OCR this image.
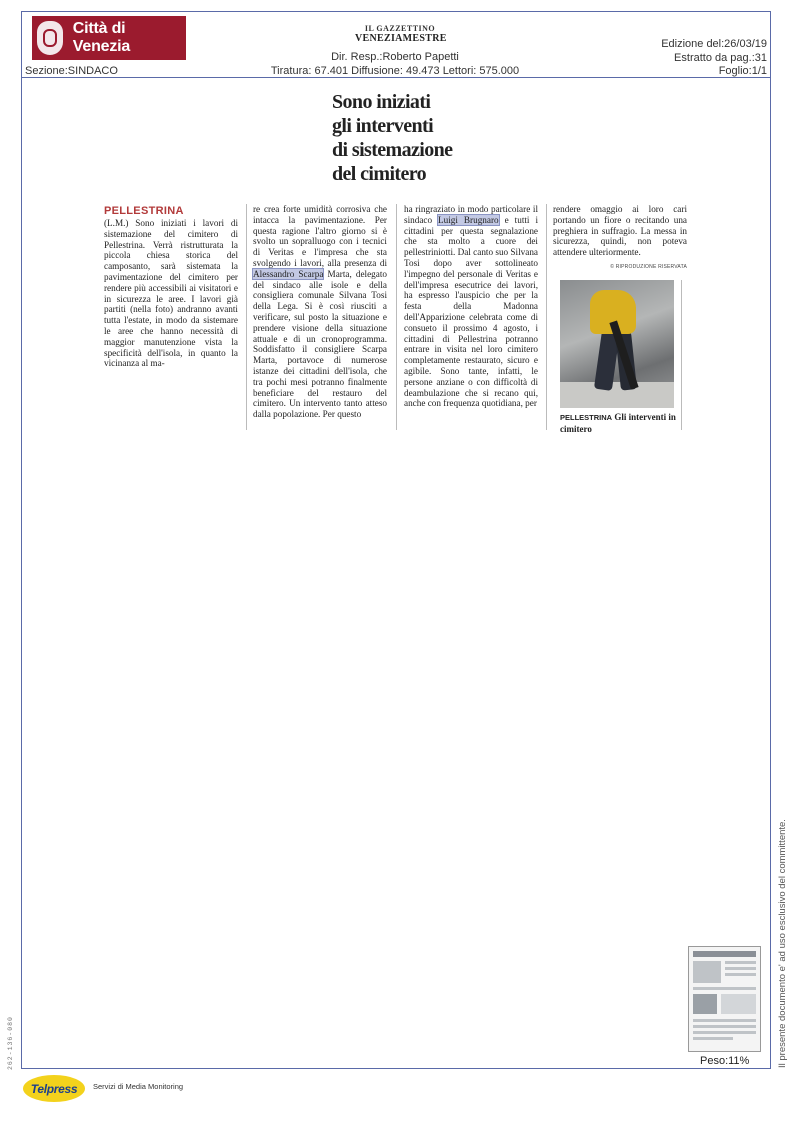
Città di Venezia
IL GAZZETTINO
VENEZIAMESTRE
Dir. Resp.:Roberto Papetti
Tiratura: 67.401 Diffusione: 49.473 Lettori: 575.000
Sezione:SINDACO
Edizione del:26/03/19
Estratto da pag.:31
Foglio:1/1
Sono iniziati
gli interventi
di sistemazione
del cimitero
PELLESTRINA
(L.M.) Sono iniziati i lavori di sistemazione del cimitero di Pellestrina. Verrà ristrutturata la piccola chiesa storica del camposanto, sarà sistemata la pavimentazione del cimitero per rendere più accessibili ai visitatori e in sicurezza le aree. I lavori già partiti (nella foto) andranno avanti tutta l'estate, in modo da sistemare le aree che hanno necessità di maggior manutenzione vista la specificità dell'isola, in quanto la vicinanza al ma-
re crea forte umidità corrosiva che intacca la pavimentazione. Per questa ragione l'altro giorno si è svolto un sopralluogo con i tecnici di Veritas e l'impresa che sta svolgendo i lavori, alla presenza di Alessandro Scarpa Marta, delegato del sindaco alle isole e della consigliera comunale Silvana Tosi della Lega. Si è così riusciti a verificare, sul posto la situazione e prendere visione della situazione attuale e di un cronoprogramma. Soddisfatto il consigliere Scarpa Marta, portavoce di numerose istanze dei cittadini dell'isola, che tra pochi mesi potranno finalmente beneficiare del restauro del cimitero. Un intervento tanto atteso dalla popolazione. Per questo
ha ringraziato in modo particolare il sindaco Luigi Brugnaro e tutti i cittadini per questa segnalazione che sta molto a cuore dei pellestriniotti. Dal canto suo Silvana Tosi dopo aver sottolineato l'impegno del personale di Veritas e dell'impresa esecutrice dei lavori, ha espresso l'auspicio che per la festa della Madonna dell'Apparizione celebrata come di consueto il prossimo 4 agosto, i cittadini di Pellestrina potranno entrare in visita nel loro cimitero completamente restaurato, sicuro e agibile. Sono tante, infatti, le persone anziane o con difficoltà di deambulazione che si recano qui, anche con frequenza quotidiana, per
rendere omaggio ai loro cari portando un fiore o recitando una preghiera in suffragio. La messa in sicurezza, quindi, non poteva attendere ulteriormente.
© RIPRODUZIONE RISERVATA
PELLESTRINA Gli interventi in cimitero
Peso:11%	Il presente documento e' ad uso esclusivo del committente.
262-136-080
Telpress Servizi di Media Monitoring
